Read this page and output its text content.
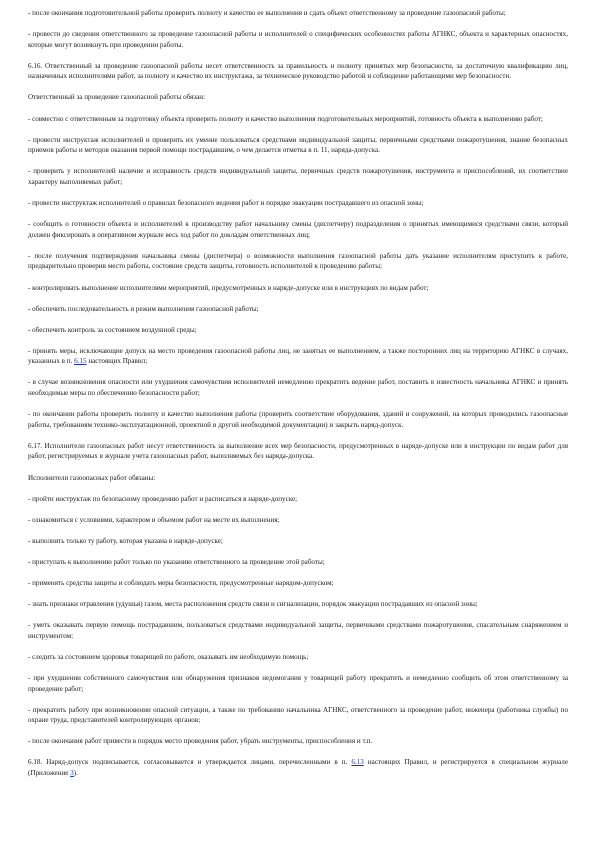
- после окончания подготовительной работы проверить полноту и качество ее выполнения и сдать объект ответственному за проведение газоопасной работы;

- провести до сведения ответственного за проведение газоопасной работы и исполнителей о специфических особенностях работы АГНКС, объекта и характерных опасностях, которые могут возникнуть при проведении работы.

6.16. Ответственный за проведение газоопасной работы несет ответственность за правильность и полноту принятых мер безопасности, за достаточную квалификацию лиц, назначенных исполнителями работ, за полноту и качество их инструктажа, за техническое руководство работой и соблюдение работающими мер безопасности.

Ответственный за проведение газоопасной работы обязан:

- совместно с ответственным за подготовку объекта проверить полноту и качество выполнения подготовительных мероприятий, готовность объекта к выполнению работ;

- провести инструктаж исполнителей и проверить их умение пользоваться средствами индивидуальной защиты, первичными средствами пожаротушения, знание безопасных приемов работы и методов оказания первой помощи пострадавшим, о чем делается отметка в п. 11, наряда-допуска.

- проверить у исполнителей наличие и исправность средств индивидуальной защиты, первичных средств пожаротушения, инструмента и приспособлений, их соответствие характеру выполняемых работ;

- провести инструктаж исполнителей о правилах безопасного ведения работ и порядке эвакуации пострадавшего из опасной зоны;

- сообщить о готовности объекта и исполнителей к производству работ начальнику смены (диспетчеру) подразделения о принятых имеющимися средствами связи, который должен фиксировать в оперативном журнале весь ход работ по докладам ответственных лиц;

- после получения подтверждения начальника смены (диспетчера) о возможности выполнения газоопасной работы дать указание исполнителям приступить к работе, предварительно проверив место работы, состояние средств защиты, готовность исполнителей к проведению работы;

- контролировать выполнение исполнителями мероприятий, предусмотренных в наряде-допуске или в инструкциях по видам работ;

- обеспечить последовательность и режим выполнения газоопасной работы;

- обеспечить контроль за состоянием воздушной среды;

- принять меры, исключающие допуск на место проведения газоопасной работы лиц, не занятых ее выполнением, а также посторонних лиц на территорию АГНКС в случаях, указанных в п. 6.15 настоящих Правил;

- в случае возникновения опасности или ухудшения самочувствия исполнителей немедленно прекратить ведение работ, поставить в известность начальника АГНКС и принять необходимые меры по обеспечению безопасности работ;

- по окончании работы проверить полноту и качество выполнения работы (проверить соответствие оборудования, зданий и сооружений, на которых проводились газоопасные работы, требованиям технико-эксплуатационной, проектной и другой необходимой документации) и закрыть наряд-допуск.

6.17. Исполнители газоопасных работ несут ответственность за выполнение всех мер безопасности, предусмотренных в наряде-допуске или в инструкции по видам работ для работ, регистрируемых в журнале учета газоопасных работ, выполняемых без наряда-допуска.

Исполнители газоопасных работ обязаны:

- пройти инструктаж по безопасному проведению работ и расписаться в наряде-допуске;

- ознакомиться с условиями, характером и объемом работ на месте их выполнения;

- выполнять только ту работу, которая указана в наряде-допуске;

- приступать к выполнению работ только по указанию ответственного за проведение этой работы;

- применять средства защиты и соблюдать меры безопасности, предусмотренные нарядом-допуском;

- знать признаки отравления (удушья) газом, места расположения средств связи и сигнализации, порядок эвакуации пострадавших из опасной зоны;

- уметь оказывать первую помощь пострадавшим, пользоваться средствами индивидуальной защиты, первичными средствами пожаротушения, спасательным снаряжением и инструментом;

- следить за состоянием здоровья товарищей по работе, оказывать им необходимую помощь;

- при ухудшении собственного самочувствия или обнаружения признаков недомогания у товарищей работу прекратить и немедленно сообщить об этом ответственному за проведение работ;

- прекратить работу при возникновении опасной ситуации, а также по требованию начальника АГНКС, ответственного за проведение работ, инженера (работника службы) по охране труда, представителей контролирующих органов;

- после окончания работ привести в порядок место проведения работ, убрать инструменты, приспособления и т.п.

6.18. Наряд-допуск подписывается, согласовывается и утверждается лицами, перечисленными в п. 6.13 настоящих Правил, и регистрируется в специальном журнале (Приложение 3).
